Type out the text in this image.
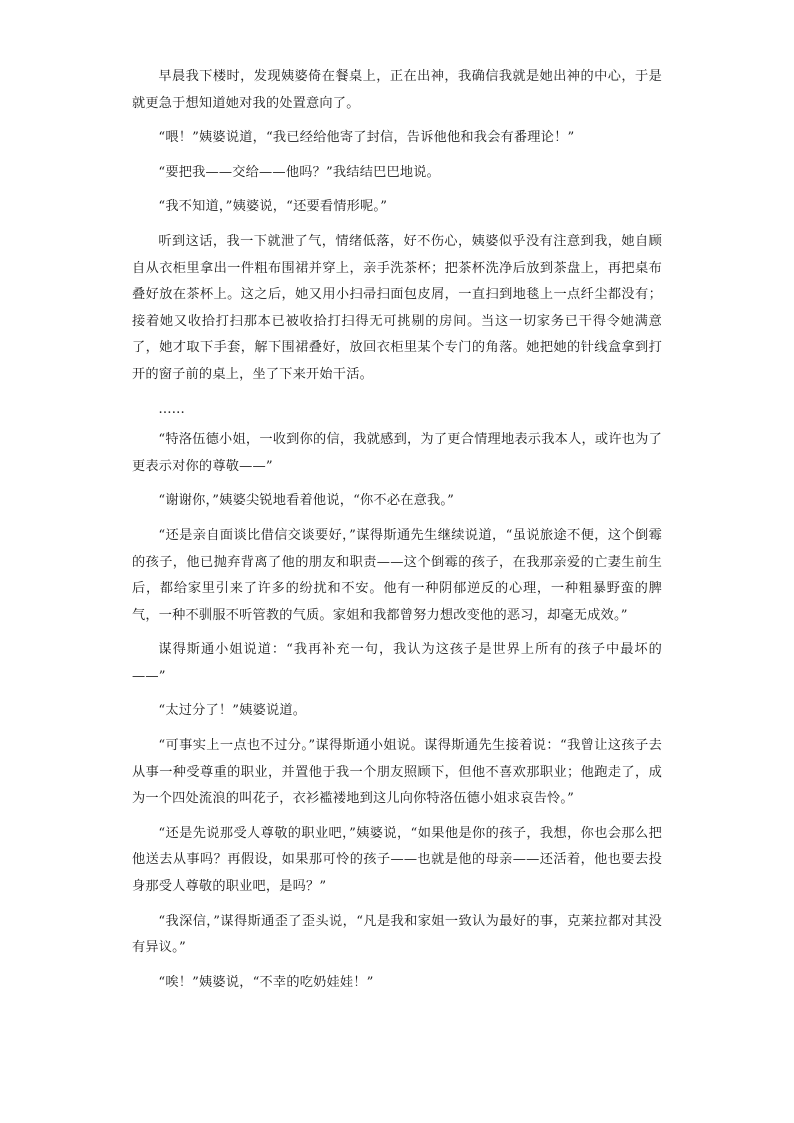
早晨我下楼时，发现姨婆倚在餐桌上，正在出神，我确信我就是她出神的中心，于是就更急于想知道她对我的处置意向了。

“喂！”姨婆说道，“我已经给他寄了封信，告诉他他和我会有番理论！”

“要把我——交给——他吗？”我结结巴巴地说。

“我不知道，”姨婆说，“还要看情形呢。”

听到这话，我一下就泄了气，情绪低落，好不伤心，姨婆似乎没有注意到我，她自顾自从衣柜里拿出一件粗布围裙并穿上，亲手洗茶杯；把茶杯洗净后放到茶盘上，再把桌布叠好放在茶杯上。这之后，她又用小扫帚扫面包皮屑，一直扫到地毯上一点纤尘都没有；接着她又收拾打扫那本已被收拾打扫得无可挑剔的房间。当这一切家务已干得令她满意了，她才取下手套，解下围裙叠好，放回衣柜里某个专门的角落。她把她的针线盒拿到打开的窗子前的桌上，坐了下来开始干活。

……

“特洛伍德小姐，一收到你的信，我就感到，为了更合情理地表示我本人，或许也为了更表示对你的尊敬——”

“谢谢你，”姨婆尖锐地看着他说，“你不必在意我。”

“还是亲自面谈比借信交谈要好，”谋得斯通先生继续说道，“虽说旅途不便，这个倒霉的孩子，他已抛弃背离了他的朋友和职责——这个倒霉的孩子，在我那亲爱的亡妻生前生后，都给家里引来了许多的纷扰和不安。他有一种阴郁逆反的心理，一种粗暴野蛮的脾气，一种不驯服不听管教的气质。家姐和我都曾努力想改变他的恶习，却毫无成效。”

谋得斯通小姐说道：“我再补充一句，我认为这孩子是世界上所有的孩子中最坏的——”

“太过分了！”姨婆说道。

“可事实上一点也不过分。”谋得斯通小姐说。谋得斯通先生接着说：“我曾让这孩子去从事一种受尊重的职业，并置他于我一个朋友照顾下，但他不喜欢那职业；他跑走了，成为一个四处流浪的叫花子，衣衫褴褛地到这儿向你特洛伍德小姐求哀告怜。”

“还是先说那受人尊敬的职业吧，”姨婆说，“如果他是你的孩子，我想，你也会那么把他送去从事吗？再假设，如果那可怜的孩子——也就是他的母亲——还活着，他也要去投身那受人尊敬的职业吧，是吗？”

“我深信，”谋得斯通歪了歪头说，“凡是我和家姐一致认为最好的事，克莱拉都对其没有异议。”

“唉！”姨婆说，“不幸的吃奶娃娃！”
